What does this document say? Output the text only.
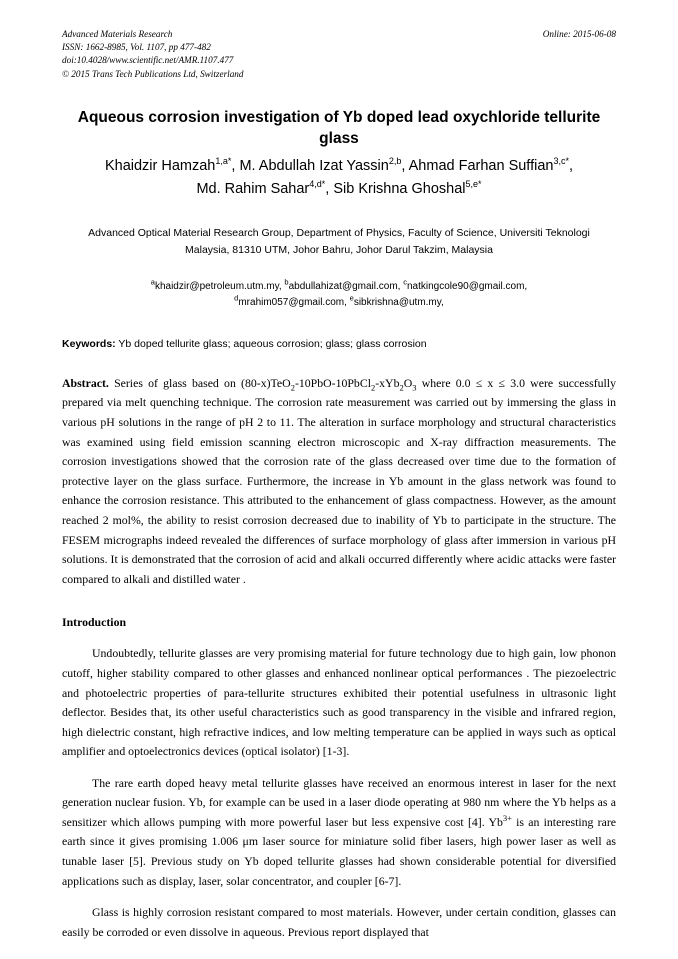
Advanced Materials Research
ISSN: 1662-8985, Vol. 1107, pp 477-482
doi:10.4028/www.scientific.net/AMR.1107.477
© 2015 Trans Tech Publications Ltd, Switzerland
Online: 2015-06-08
Aqueous corrosion investigation of Yb doped lead oxychloride tellurite glass
Khaidzir Hamzah$^{1,a*}$, M. Abdullah Izat Yassin$^{2,b}$, Ahmad Farhan Suffian$^{3,c*}$,
Md. Rahim Sahar$^{4,d*}$, Sib Krishna Ghoshal$^{5,e*}$
Advanced Optical Material Research Group, Department of Physics, Faculty of Science, Universiti Teknologi Malaysia, 81310 UTM, Johor Bahru, Johor Darul Takzim, Malaysia
$^a$khaidzir@petroleum.utm.my, $^b$abdullahizat@gmail.com, $^c$natkingcole90@gmail.com,
$^d$mrahim057@gmail.com, $^e$sibkrishna@utm.my,
Keywords: Yb doped tellurite glass; aqueous corrosion; glass; glass corrosion
Abstract. Series of glass based on $(80-x)TeO_2-10PbO-10PbCl_2-xYb_2O_3$ where 0.0 ≤ x ≤ 3.0 were successfully prepared via melt quenching technique. The corrosion rate measurement was carried out by immersing the glass in various pH solutions in the range of pH 2 to 11. The alteration in surface morphology and structural characteristics was examined using field emission scanning electron microscopic and X-ray diffraction measurements. The corrosion investigations showed that the corrosion rate of the glass decreased over time due to the formation of protective layer on the glass surface. Furthermore, the increase in Yb amount in the glass network was found to enhance the corrosion resistance. This attributed to the enhancement of glass compactness. However, as the amount reached 2 mol%, the ability to resist corrosion decreased due to inability of Yb to participate in the structure. The FESEM micrographs indeed revealed the differences of surface morphology of glass after immersion in various pH solutions. It is demonstrated that the corrosion of acid and alkali occurred differently where acidic attacks were faster compared to alkali and distilled water .
Introduction

Undoubtedly, tellurite glasses are very promising material for future technology due to high gain, low phonon cutoff, higher stability compared to other glasses and enhanced nonlinear optical performances . The piezoelectric and photoelectric properties of para-tellurite structures exhibited their potential usefulness in ultrasonic light deflector. Besides that, its other useful characteristics such as good transparency in the visible and infrared region, high dielectric constant, high refractive indices, and low melting temperature can be applied in ways such as optical amplifier and optoelectronics devices (optical isolator) [1-3].

The rare earth doped heavy metal tellurite glasses have received an enormous interest in laser for the next generation nuclear fusion. Yb, for example can be used in a laser diode operating at 980 nm where the Yb helps as a sensitizer which allows pumping with more powerful laser but less expensive cost [4]. $Yb^{3+}$ is an interesting rare earth since it gives promising 1.006 μm laser source for miniature solid fiber lasers, high power laser as well as tunable laser [5]. Previous study on Yb doped tellurite glasses had shown considerable potential for diversified applications such as display, laser, solar concentrator, and coupler [6-7].

Glass is highly corrosion resistant compared to most materials. However, under certain condition, glasses can easily be corroded or even dissolve in aqueous. Previous report displayed that
